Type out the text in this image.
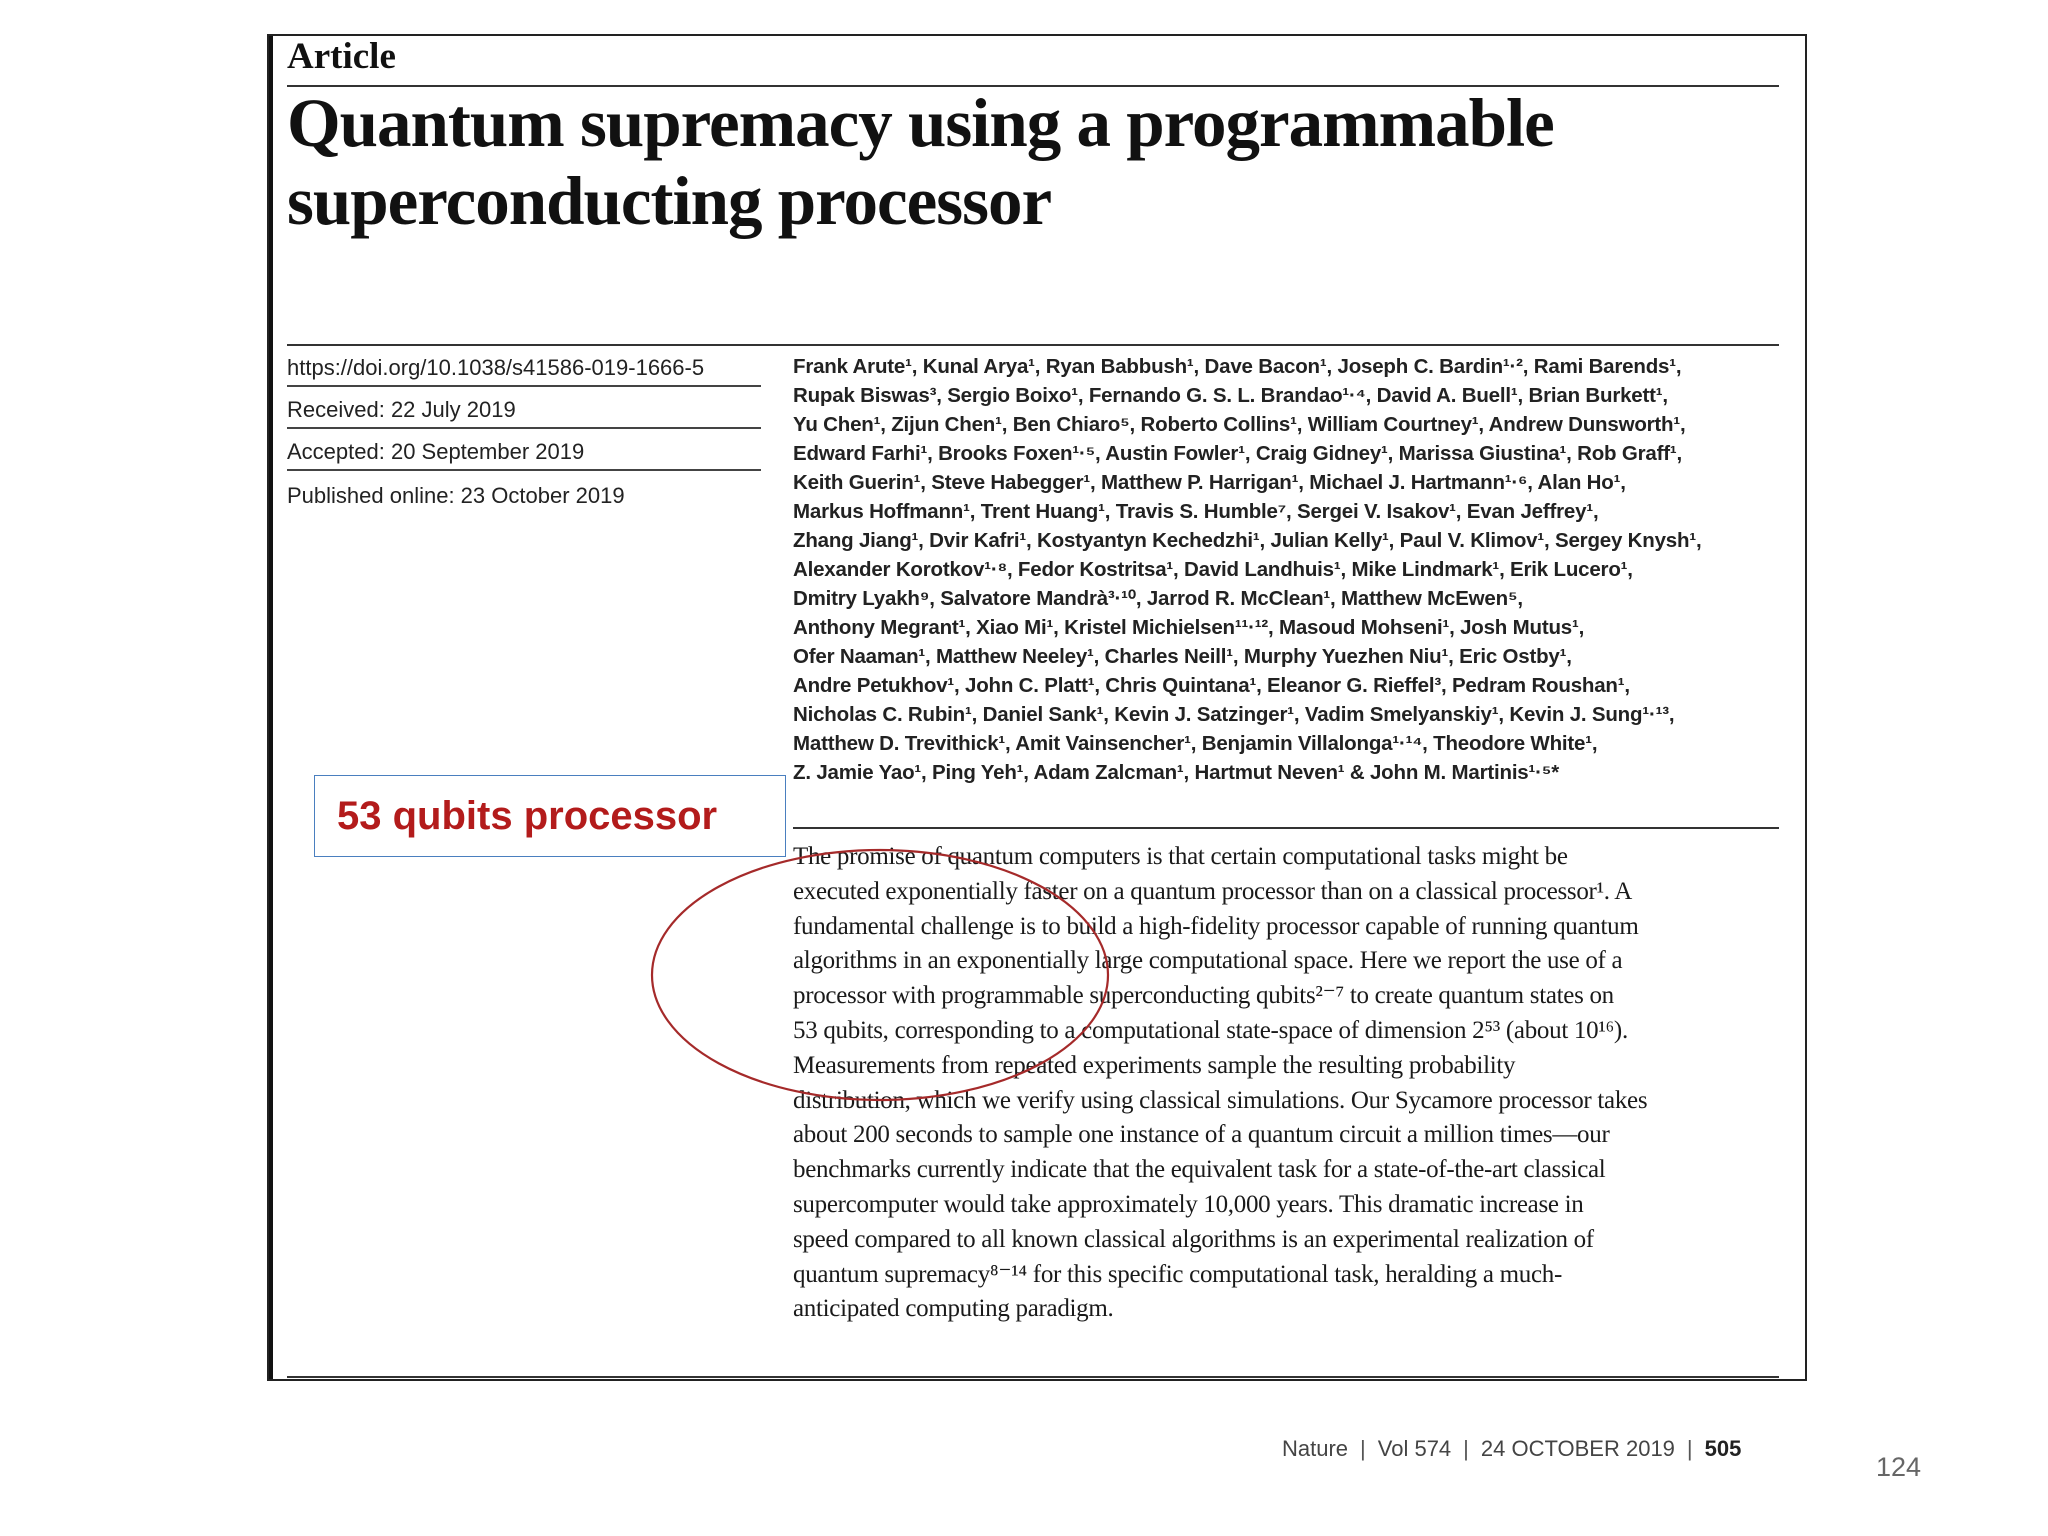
Article
Quantum supremacy using a programmable superconducting processor
https://doi.org/10.1038/s41586-019-1666-5
Received: 22 July 2019
Accepted: 20 September 2019
Published online: 23 October 2019
Frank Arute¹, Kunal Arya¹, Ryan Babbush¹, Dave Bacon¹, Joseph C. Bardin¹·², Rami Barends¹,
Rupak Biswas³, Sergio Boixo¹, Fernando G. S. L. Brandao¹·⁴, David A. Buell¹, Brian Burkett¹,
Yu Chen¹, Zijun Chen¹, Ben Chiaro⁵, Roberto Collins¹, William Courtney¹, Andrew Dunsworth¹,
Edward Farhi¹, Brooks Foxen¹·⁵, Austin Fowler¹, Craig Gidney¹, Marissa Giustina¹, Rob Graff¹,
Keith Guerin¹, Steve Habegger¹, Matthew P. Harrigan¹, Michael J. Hartmann¹·⁶, Alan Ho¹,
Markus Hoffmann¹, Trent Huang¹, Travis S. Humble⁷, Sergei V. Isakov¹, Evan Jeffrey¹,
Zhang Jiang¹, Dvir Kafri¹, Kostyantyn Kechedzhi¹, Julian Kelly¹, Paul V. Klimov¹, Sergey Knysh¹,
Alexander Korotkov¹·⁸, Fedor Kostritsa¹, David Landhuis¹, Mike Lindmark¹, Erik Lucero¹,
Dmitry Lyakh⁹, Salvatore Mandrà³·¹⁰, Jarrod R. McClean¹, Matthew McEwen⁵,
Anthony Megrant¹, Xiao Mi¹, Kristel Michielsen¹¹·¹², Masoud Mohseni¹, Josh Mutus¹,
Ofer Naaman¹, Matthew Neeley¹, Charles Neill¹, Murphy Yuezhen Niu¹, Eric Ostby¹,
Andre Petukhov¹, John C. Platt¹, Chris Quintana¹, Eleanor G. Rieffel³, Pedram Roushan¹,
Nicholas C. Rubin¹, Daniel Sank¹, Kevin J. Satzinger¹, Vadim Smelyanskiy¹, Kevin J. Sung¹·¹³,
Matthew D. Trevithick¹, Amit Vainsencher¹, Benjamin Villalonga¹·¹⁴, Theodore White¹,
Z. Jamie Yao¹, Ping Yeh¹, Adam Zalcman¹, Hartmut Neven¹ & John M. Martinis¹·⁵*
The promise of quantum computers is that certain computational tasks might be
executed exponentially faster on a quantum processor than on a classical processor¹. A
fundamental challenge is to build a high-fidelity processor capable of running quantum
algorithms in an exponentially large computational space. Here we report the use of a
processor with programmable superconducting qubits²⁻⁷ to create quantum states on
53 qubits, corresponding to a computational state-space of dimension 2⁵³ (about 10¹⁶).
Measurements from repeated experiments sample the resulting probability
distribution, which we verify using classical simulations. Our Sycamore processor takes
about 200 seconds to sample one instance of a quantum circuit a million times—our
benchmarks currently indicate that the equivalent task for a state-of-the-art classical
supercomputer would take approximately 10,000 years. This dramatic increase in
speed compared to all known classical algorithms is an experimental realization of
quantum supremacy⁸⁻¹⁴ for this specific computational task, heralding a much-
anticipated computing paradigm.
53 qubits processor
Nature | Vol 574 | 24 OCTOBER 2019 | 505
124
